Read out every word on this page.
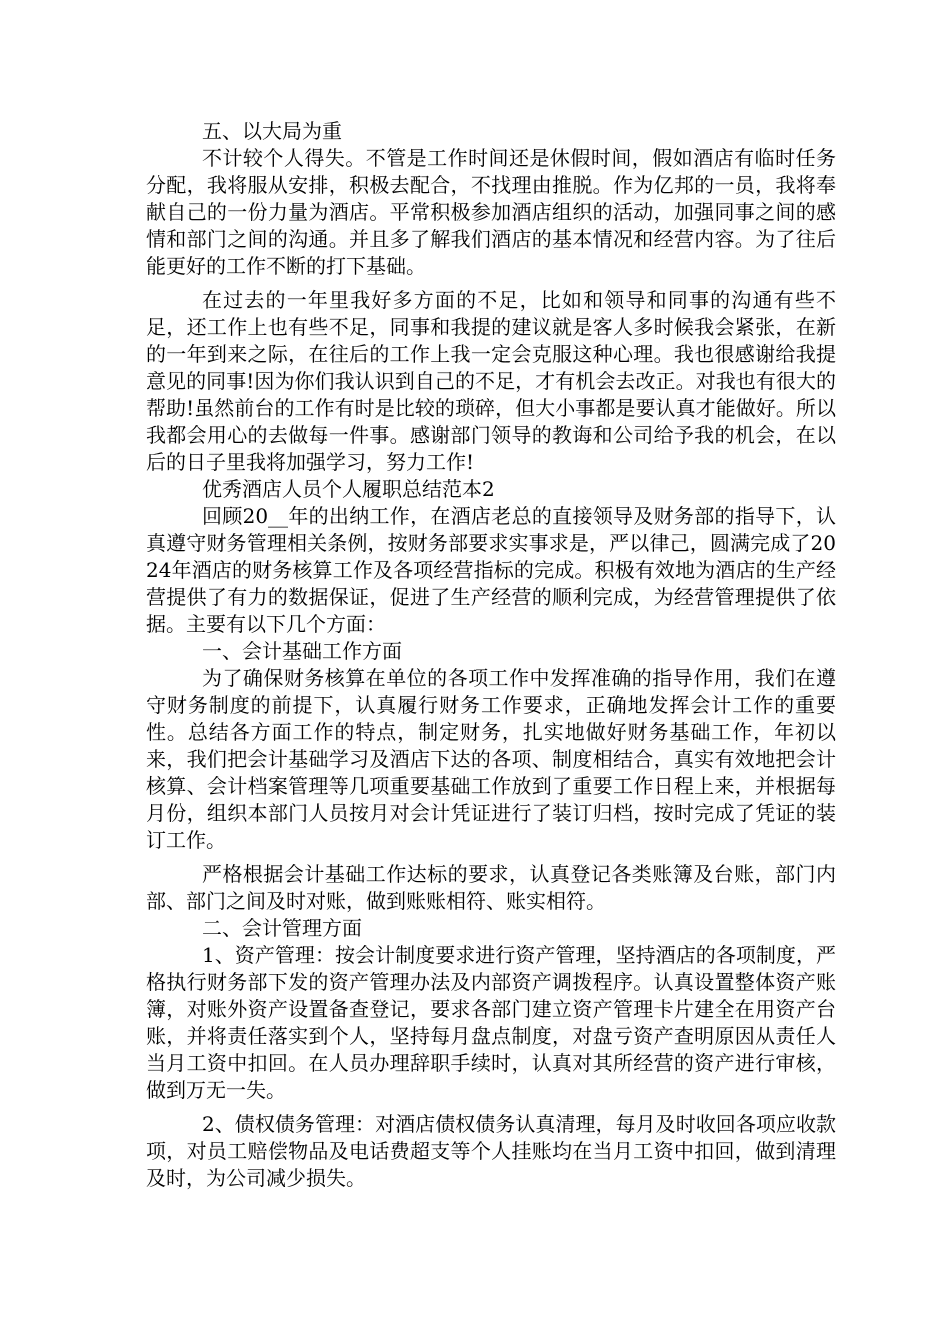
五、以大局为重

不计较个人得失。不管是工作时间还是休假时间，假如酒店有临时任务分配，我将服从安排，积极去配合，不找理由推脱。作为亿邦的一员，我将奉献自己的一份力量为酒店。平常积极参加酒店组织的活动，加强同事之间的感情和部门之间的沟通。并且多了解我们酒店的基本情况和经营内容。为了往后能更好的工作不断的打下基础。

在过去的一年里我好多方面的不足，比如和领导和同事的沟通有些不足，还工作上也有些不足，同事和我提的建议就是客人多时候我会紧张，在新的一年到来之际，在往后的工作上我一定会克服这种心理。我也很感谢给我提意见的同事!因为你们我认识到自己的不足，才有机会去改正。对我也有很大的帮助!虽然前台的工作有时是比较的琐碎，但大小事都是要认真才能做好。所以我都会用心的去做每一件事。感谢部门领导的教诲和公司给予我的机会，在以后的日子里我将加强学习，努力工作!

优秀酒店人员个人履职总结范本2

回顾20__年的出纳工作，在酒店老总的直接领导及财务部的指导下，认真遵守财务管理相关条例，按财务部要求实事求是，严以律己，圆满完成了2024年酒店的财务核算工作及各项经营指标的完成。积极有效地为酒店的生产经营提供了有力的数据保证，促进了生产经营的顺利完成，为经营管理提供了依据。主要有以下几个方面：

一、会计基础工作方面

为了确保财务核算在单位的各项工作中发挥准确的指导作用，我们在遵守财务制度的前提下，认真履行财务工作要求，正确地发挥会计工作的重要性。总结各方面工作的特点，制定财务，扎实地做好财务基础工作，年初以来，我们把会计基础学习及酒店下达的各项、制度相结合，真实有效地把会计核算、会计档案管理等几项重要基础工作放到了重要工作日程上来，并根据每月份，组织本部门人员按月对会计凭证进行了装订归档，按时完成了凭证的装订工作。

严格根据会计基础工作达标的要求，认真登记各类账簿及台账，部门内部、部门之间及时对账，做到账账相符、账实相符。

二、会计管理方面

1、资产管理：按会计制度要求进行资产管理，坚持酒店的各项制度，严格执行财务部下发的资产管理办法及内部资产调拨程序。认真设置整体资产账簿，对账外资产设置备查登记，要求各部门建立资产管理卡片建全在用资产台账，并将责任落实到个人，坚持每月盘点制度，对盘亏资产查明原因从责任人当月工资中扣回。在人员办理辞职手续时，认真对其所经营的资产进行审核，做到万无一失。

2、债权债务管理：对酒店债权债务认真清理，每月及时收回各项应收款项，对员工赔偿物品及电话费超支等个人挂账均在当月工资中扣回，做到清理及时，为公司减少损失。
